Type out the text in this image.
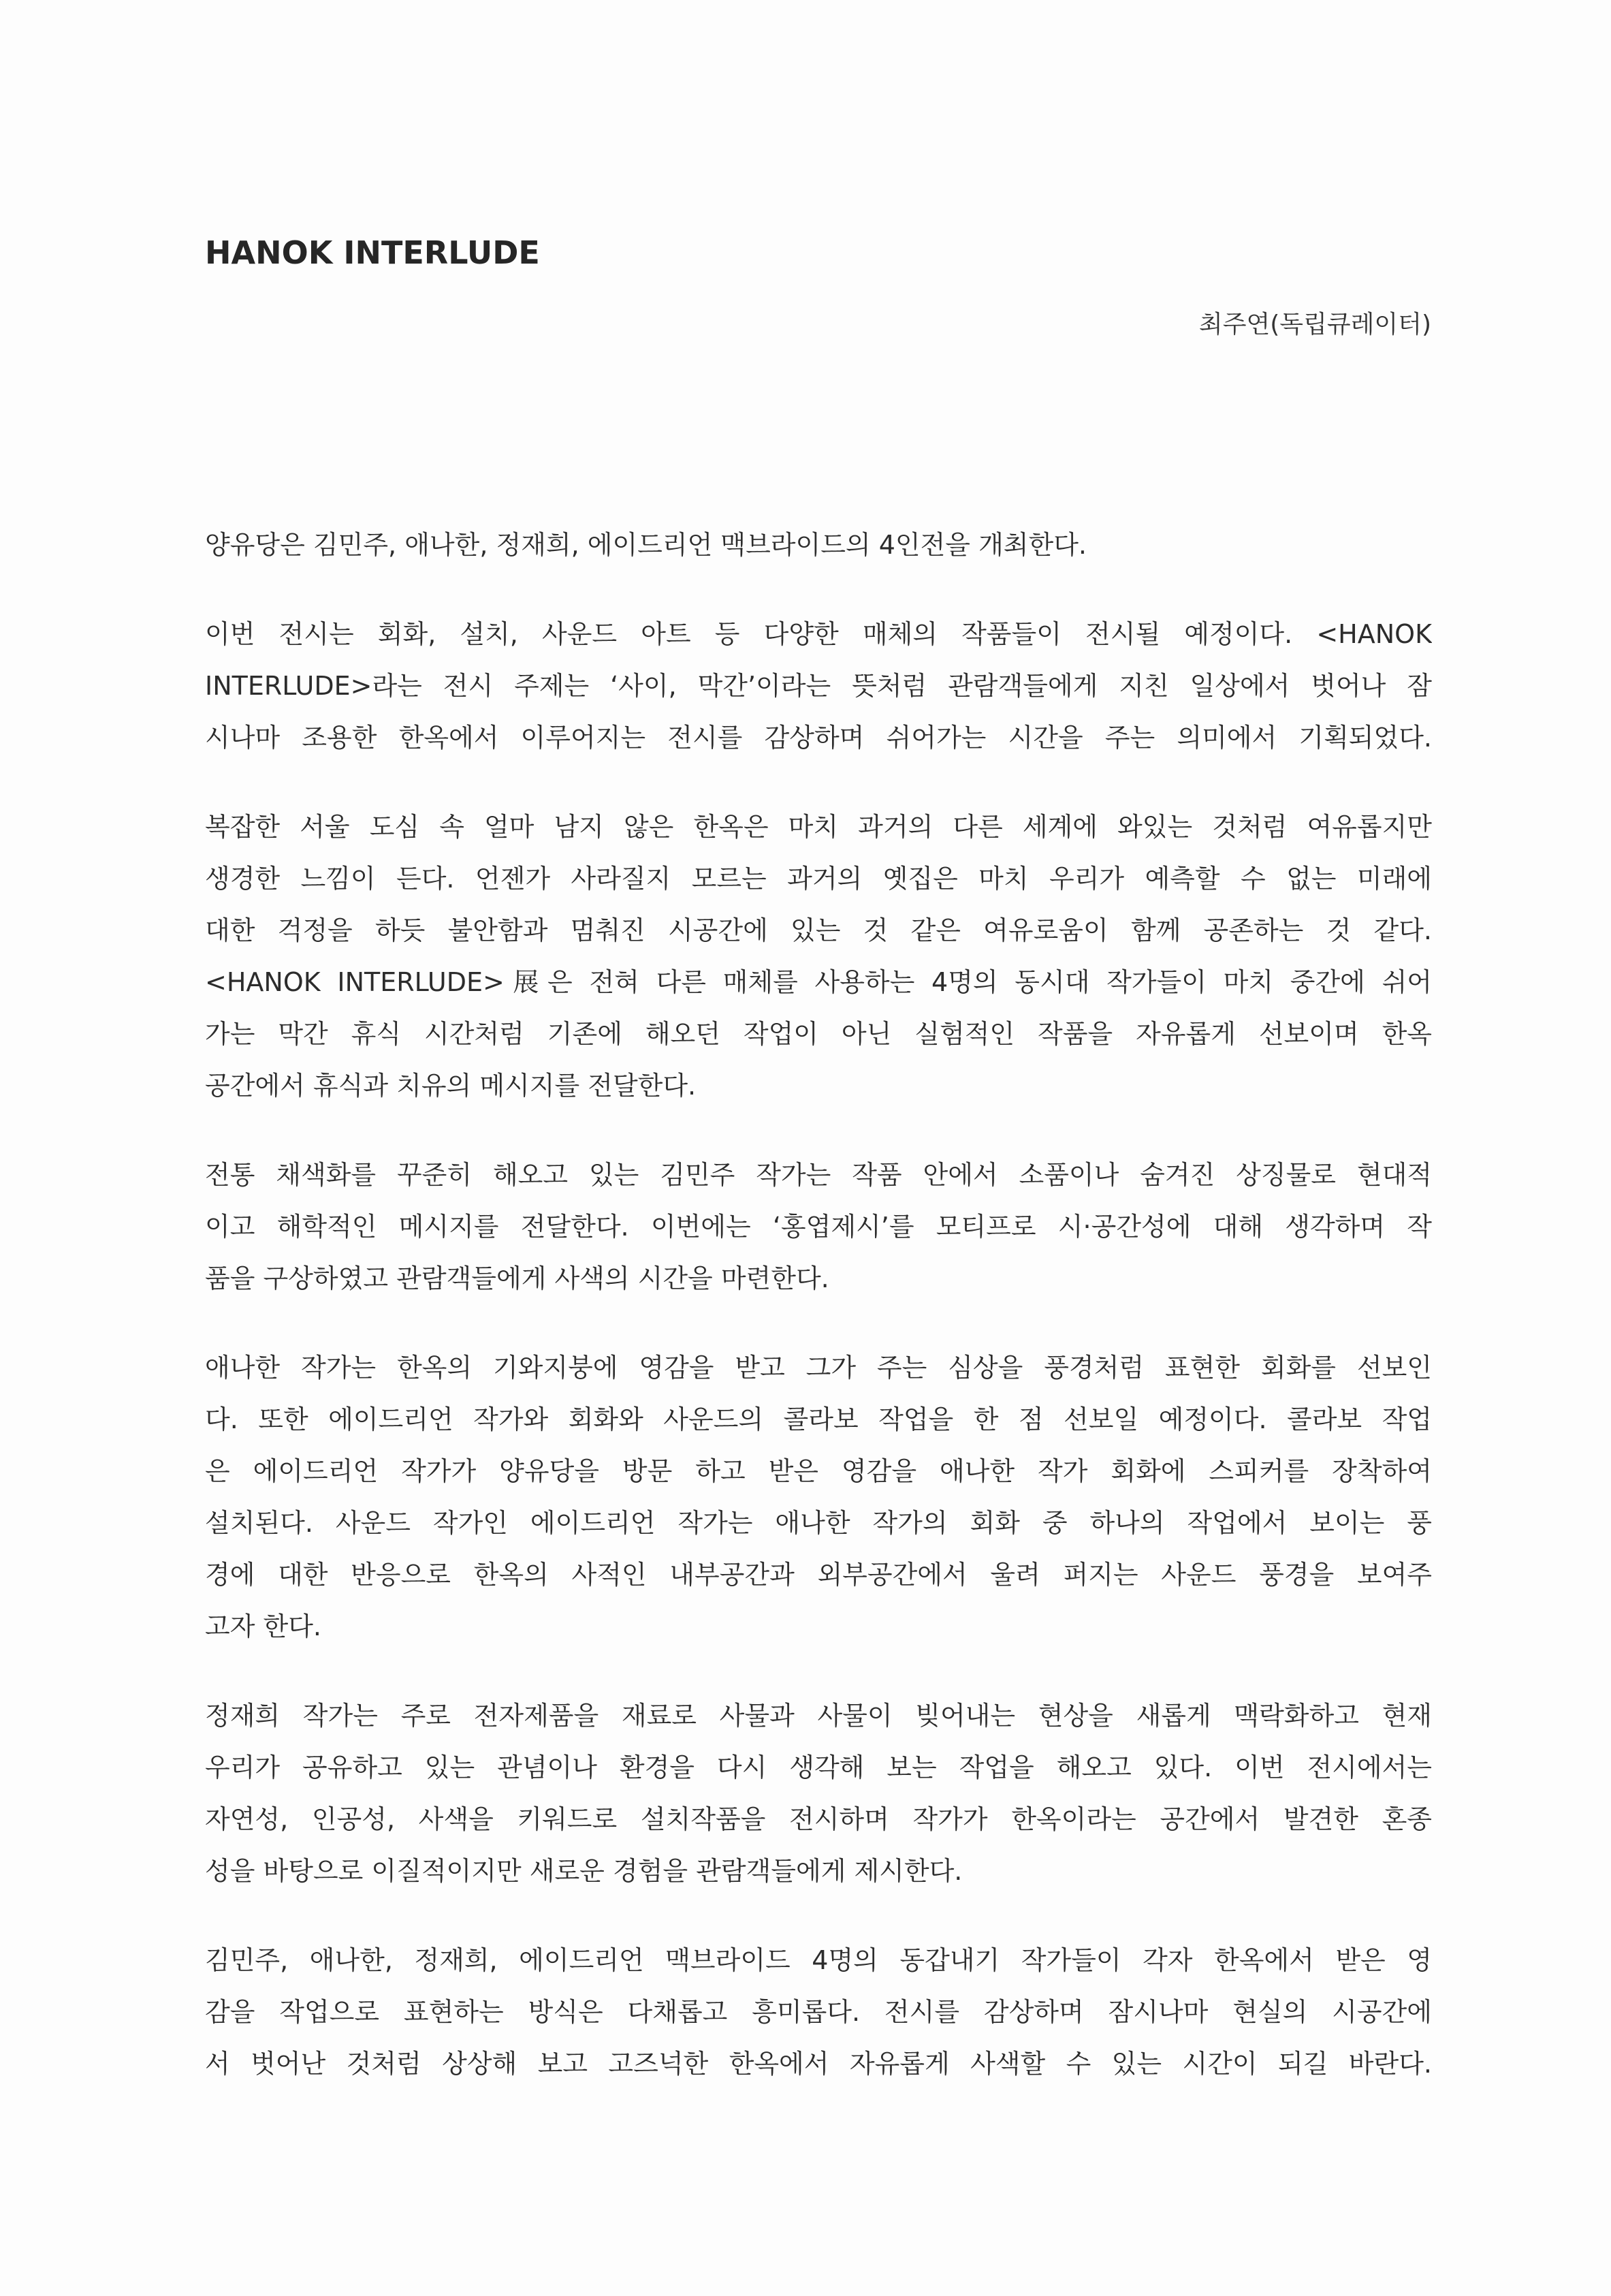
HANOK INTERLUDE
최주연(독립큐레이터)
양유당은 김민주, 애나한, 정재희, 에이드리언 맥브라이드의 4인전을 개최한다.
이번 전시는 회화, 설치, 사운드 아트 등 다양한 매체의 작품들이 전시될 예정이다. <HANOK
INTERLUDE>라는 전시 주제는 ‘사이, 막간’이라는 뜻처럼 관람객들에게 지친 일상에서 벗어나 잠
시나마 조용한 한옥에서 이루어지는 전시를 감상하며 쉬어가는 시간을 주는 의미에서 기획되었다.
복잡한 서울 도심 속 얼마 남지 않은 한옥은 마치 과거의 다른 세계에 와있는 것처럼 여유롭지만
생경한 느낌이 든다. 언젠가 사라질지 모르는 과거의 옛집은 마치 우리가 예측할 수 없는 미래에
대한 걱정을 하듯 불안함과 멈춰진 시공간에 있는 것 같은 여유로움이 함께 공존하는 것 같다.
<HANOK INTERLUDE>展은 전혀 다른 매체를 사용하는 4명의 동시대 작가들이 마치 중간에 쉬어
가는 막간 휴식 시간처럼 기존에 해오던 작업이 아닌 실험적인 작품을 자유롭게 선보이며 한옥
공간에서 휴식과 치유의 메시지를 전달한다.
전통 채색화를 꾸준히 해오고 있는 김민주 작가는 작품 안에서 소품이나 숨겨진 상징물로 현대적
이고 해학적인 메시지를 전달한다. 이번에는 ‘홍엽제시’를 모티프로 시·공간성에 대해 생각하며 작
품을 구상하였고 관람객들에게 사색의 시간을 마련한다.
애나한 작가는 한옥의 기와지붕에 영감을 받고 그가 주는 심상을 풍경처럼 표현한 회화를 선보인
다. 또한 에이드리언 작가와 회화와 사운드의 콜라보 작업을 한 점 선보일 예정이다. 콜라보 작업
은 에이드리언 작가가 양유당을 방문 하고 받은 영감을 애나한 작가 회화에 스피커를 장착하여
설치된다. 사운드 작가인 에이드리언 작가는 애나한 작가의 회화 중 하나의 작업에서 보이는 풍
경에 대한 반응으로 한옥의 사적인 내부공간과 외부공간에서 울려 퍼지는 사운드 풍경을 보여주
고자 한다.
정재희 작가는 주로 전자제품을 재료로 사물과 사물이 빚어내는 현상을 새롭게 맥락화하고 현재
우리가 공유하고 있는 관념이나 환경을 다시 생각해 보는 작업을 해오고 있다. 이번 전시에서는
자연성, 인공성, 사색을 키워드로 설치작품을 전시하며 작가가 한옥이라는 공간에서 발견한 혼종
성을 바탕으로 이질적이지만 새로운 경험을 관람객들에게 제시한다.
김민주, 애나한, 정재희, 에이드리언 맥브라이드 4명의 동갑내기 작가들이 각자 한옥에서 받은 영
감을 작업으로 표현하는 방식은 다채롭고 흥미롭다. 전시를 감상하며 잠시나마 현실의 시공간에
서 벗어난 것처럼 상상해 보고 고즈넉한 한옥에서 자유롭게 사색할 수 있는 시간이 되길 바란다.
